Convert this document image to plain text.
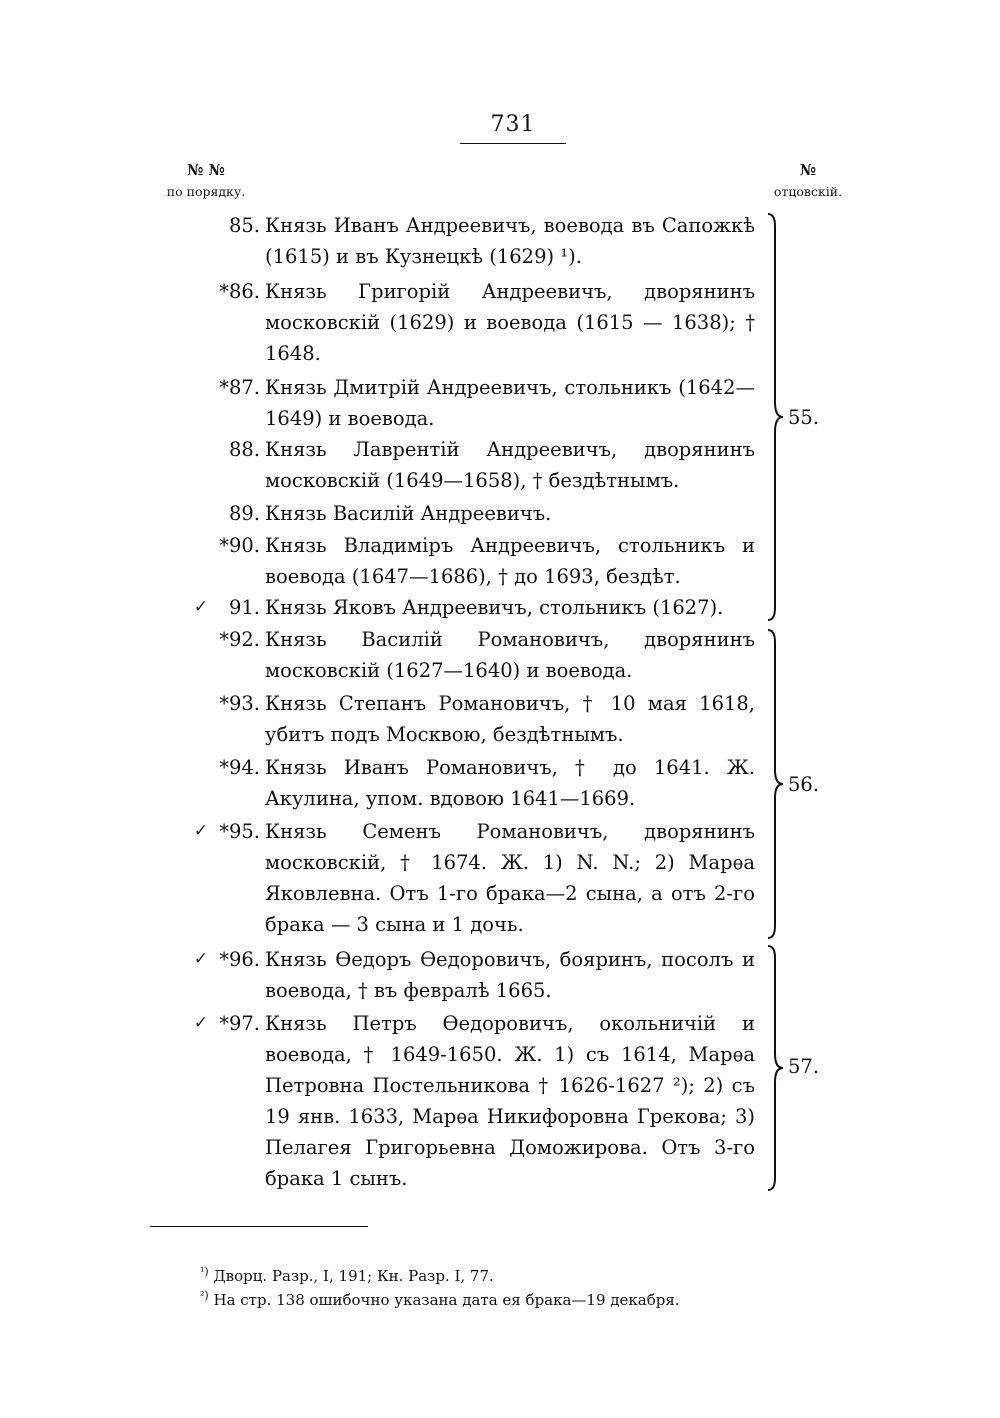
731
№ №
по порядку.
№
отцовскій.
85. Князь Иванъ Андреевичъ, воевода въ Сапожкѣ (1615) и въ Кузнецкѣ (1629) ¹).
*86. Князь Григорій Андреевичъ, дворянинъ московскій (1629) и воевода (1615 — 1638); † 1648.
*87. Князь Дмитрій Андреевичъ, стольникъ (1642—1649) и воевода.
88. Князь Лаврентій Андреевичъ, дворянинъ московскій (1649—1658), † бездѣтнымъ.
89. Князь Василій Андреевичъ.
*90. Князь Владиміръ Андреевичъ, стольникъ и воевода (1647—1686), † до 1693, бездѣт.
✓	91. Князь Яковъ Андреевичъ, стольникъ (1627).
*92. Князь Василій Романовичъ, дворянинъ московскій (1627—1640) и воевода.
*93. Князь Степанъ Романовичъ, † 10 мая 1618, убитъ подъ Москвою, бездѣтнымъ.
*94. Князь Иванъ Романовичъ, † до 1641. Ж. Акулина, упом. вдовою 1641—1669.
✓ *95. Князь Семенъ Романовичъ, дворянинъ московскій, † 1674. Ж. 1) N. N.; 2) Марѳа Яковлевна. Отъ 1-го брака—2 сына, а отъ 2-го брака — 3 сына и 1 дочь.
✓ *96. Князь Ѳедоръ Ѳедоровичъ, бояринъ, посолъ и воевода, † въ февралѣ 1665.
✓ *97. Князь Петръ Ѳедоровичъ, окольничій и воевода, † 1649-1650. Ж. 1) съ 1614, Марѳа Петровна Постельникова † 1626-1627 ²); 2) съ 19 янв. 1633, Марѳа Никифоровна Грекова; 3) Пелагея Григорьевна Доможирова. Отъ 3-го брака 1 сынъ.
55.
56.
57.
$^{^1)}$ Дворц. Разр., I, 191; Кн. Разр. I, 77.
$^{^2)}$ На стр. 138 ошибочно указана дата ея брака—19 декабря.
